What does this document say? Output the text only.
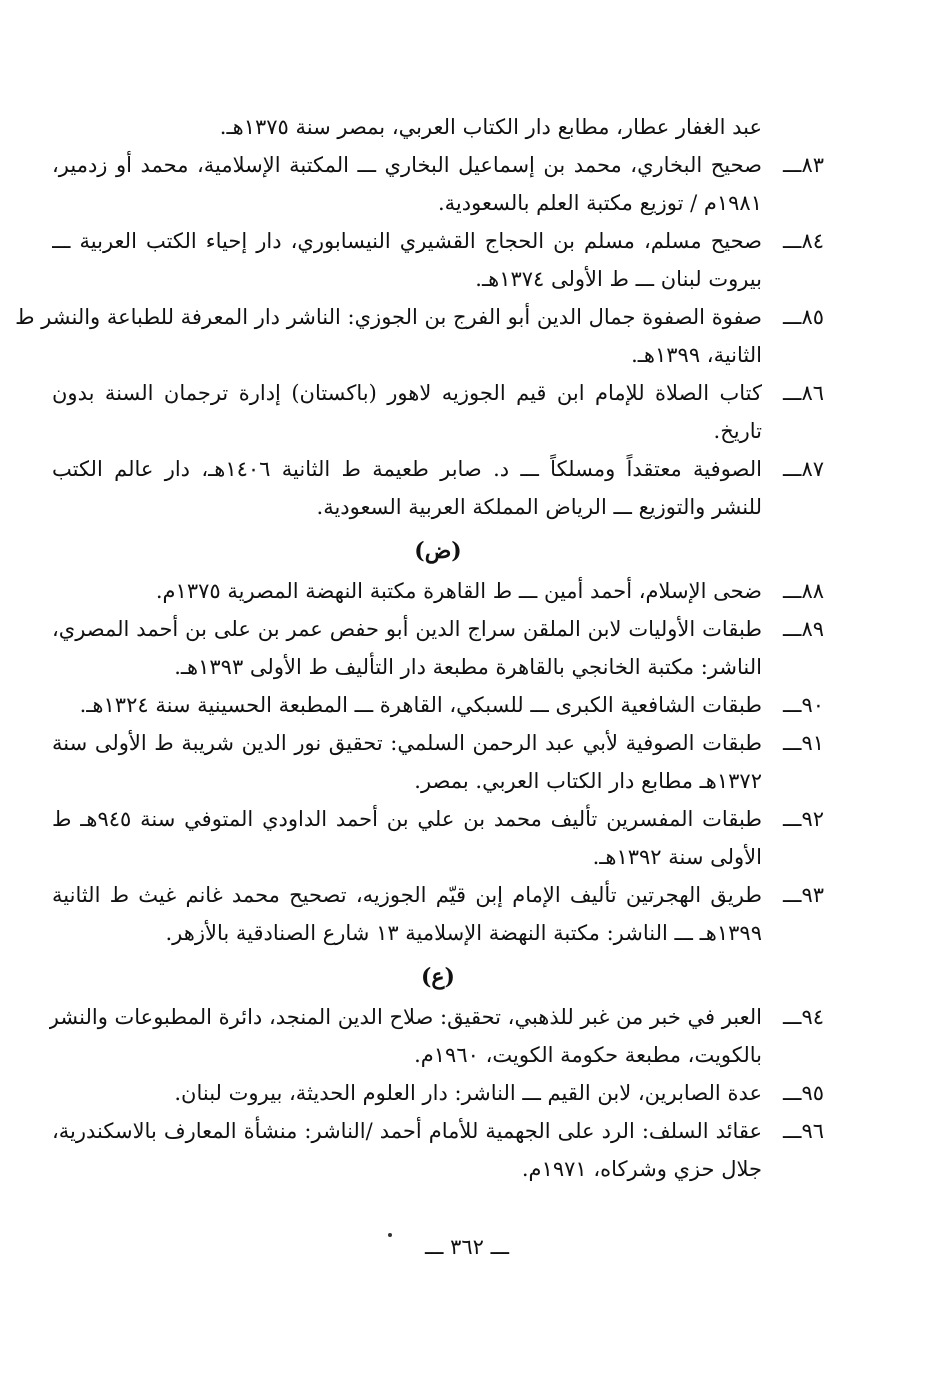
عبد الغفار عطار، مطابع دار الكتاب العربي، بمصر سنة ١٣٧٥هـ.
٨٣ـــ
صحيح البخاري، محمد بن إسماعيل البخاري ـــ المكتبة الإسلامية، محمد أو زدمير،
١٩٨١م / توزيع مكتبة العلم بالسعودية.
٨٤ـــ
صحيح مسلم، مسلم بن الحجاج القشيري النيسابوري، دار إحياء الكتب العربية ـــ
بيروت لبنان ـــ ط الأولى ١٣٧٤هـ.
٨٥ـــ
صفوة الصفوة جمال الدين أبو الفرج بن الجوزي: الناشر دار المعرفة للطباعة والنشر ط
الثانية، ١٣٩٩هـ.
٨٦ـــ
كتاب الصلاة للإمام ابن قيم الجوزيه لاهور (باكستان) إدارة ترجمان السنة بدون
تاريخ.
٨٧ـــ
الصوفية معتقداً ومسلكاً ـــ د. صابر طعيمة ط الثانية ١٤٠٦هـ، دار عالم الكتب
للنشر والتوزيع ـــ الرياض المملكة العربية السعودية.
(ض)
٨٨ـــ
ضحى الإسلام، أحمد أمين ـــ ط القاهرة مكتبة النهضة المصرية ١٣٧٥م.
٨٩ـــ
طبقات الأوليات لابن الملقن سراج الدين أبو حفص عمر بن على بن أحمد المصري،
الناشر: مكتبة الخانجي بالقاهرة مطبعة دار التأليف ط الأولى ١٣٩٣هـ.
٩٠ـــ
طبقات الشافعية الكبرى ـــ للسبكي، القاهرة ـــ المطبعة الحسينية سنة ١٣٢٤هـ.
٩١ـــ
طبقات الصوفية لأبي عبد الرحمن السلمي: تحقيق نور الدين شريبة ط الأولى سنة
١٣٧٢هـ مطابع دار الكتاب العربي. بمصر.
٩٢ـــ
طبقات المفسرين تأليف محمد بن علي بن أحمد الداودي المتوفي سنة ٩٤٥هـ ط
الأولى سنة ١٣٩٢هـ.
٩٣ـــ
طريق الهجرتين تأليف الإمام إبن قيّم الجوزيه، تصحيح محمد غانم غيث ط الثانية
١٣٩٩هـ ـــ الناشر: مكتبة النهضة الإسلامية ١٣ شارع الصنادقية بالأزهر.
(ع)
٩٤ـــ
العبر في خبر من غبر للذهبي، تحقيق: صلاح الدين المنجد، دائرة المطبوعات والنشر
بالكويت، مطبعة حكومة الكويت، ١٩٦٠م.
٩٥ـــ
عدة الصابرين، لابن القيم ـــ الناشر: دار العلوم الحديثة، بيروت لبنان.
٩٦ـــ
عقائد السلف: الرد على الجهمية للأمام أحمد /الناشر: منشأة المعارف بالاسكندرية،
جلال حزي وشركاه، ١٩٧١م.
ـــ ٣٦٢ ـــ
